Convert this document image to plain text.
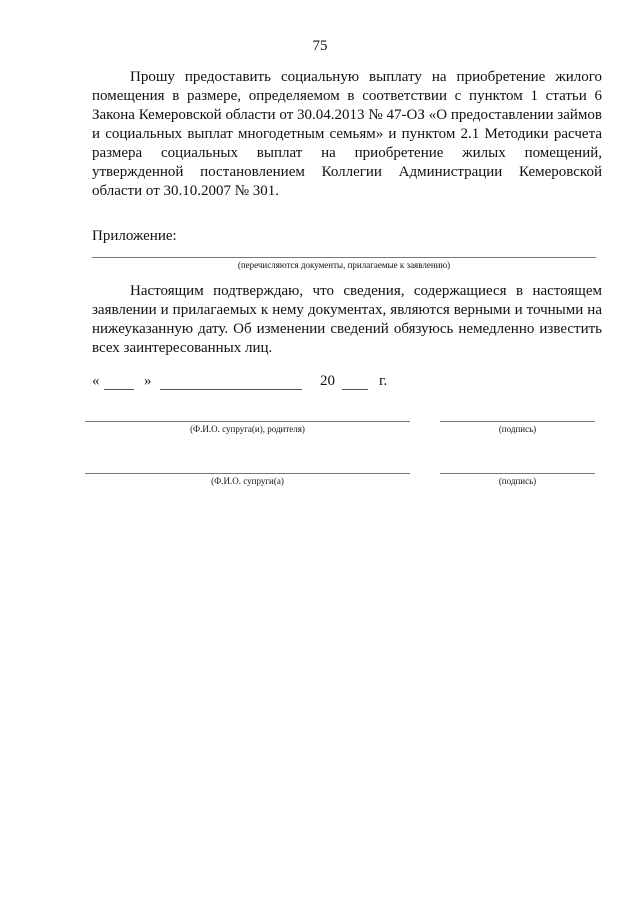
75

Прошу предоставить социальную выплату на приобретение жилого помещения в размере, определяемом в соответствии с пунктом 1 статьи 6 Закона Кемеровской области от 30.04.2013 № 47-ОЗ «О предоставлении займов и социальных выплат многодетным семьям» и пунктом 2.1 Методики расчета размера социальных выплат на приобретение жилых помещений, утвержденной постановлением Коллегии Администрации Кемеровской области от 30.10.2007 № 301.

Приложение:
(перечисляются документы, прилагаемые к заявлению)

Настоящим подтверждаю, что сведения, содержащиеся в настоящем заявлении и прилагаемых к нему документах, являются верными и точными на нижеуказанную дату. Об изменении сведений обязуюсь немедленно известить всех заинтересованных лиц.

«	»	20	г.
(Ф.И.О. супруга(и), родителя)	(подпись)
(Ф.И.О. супруги(а)	(подпись)
